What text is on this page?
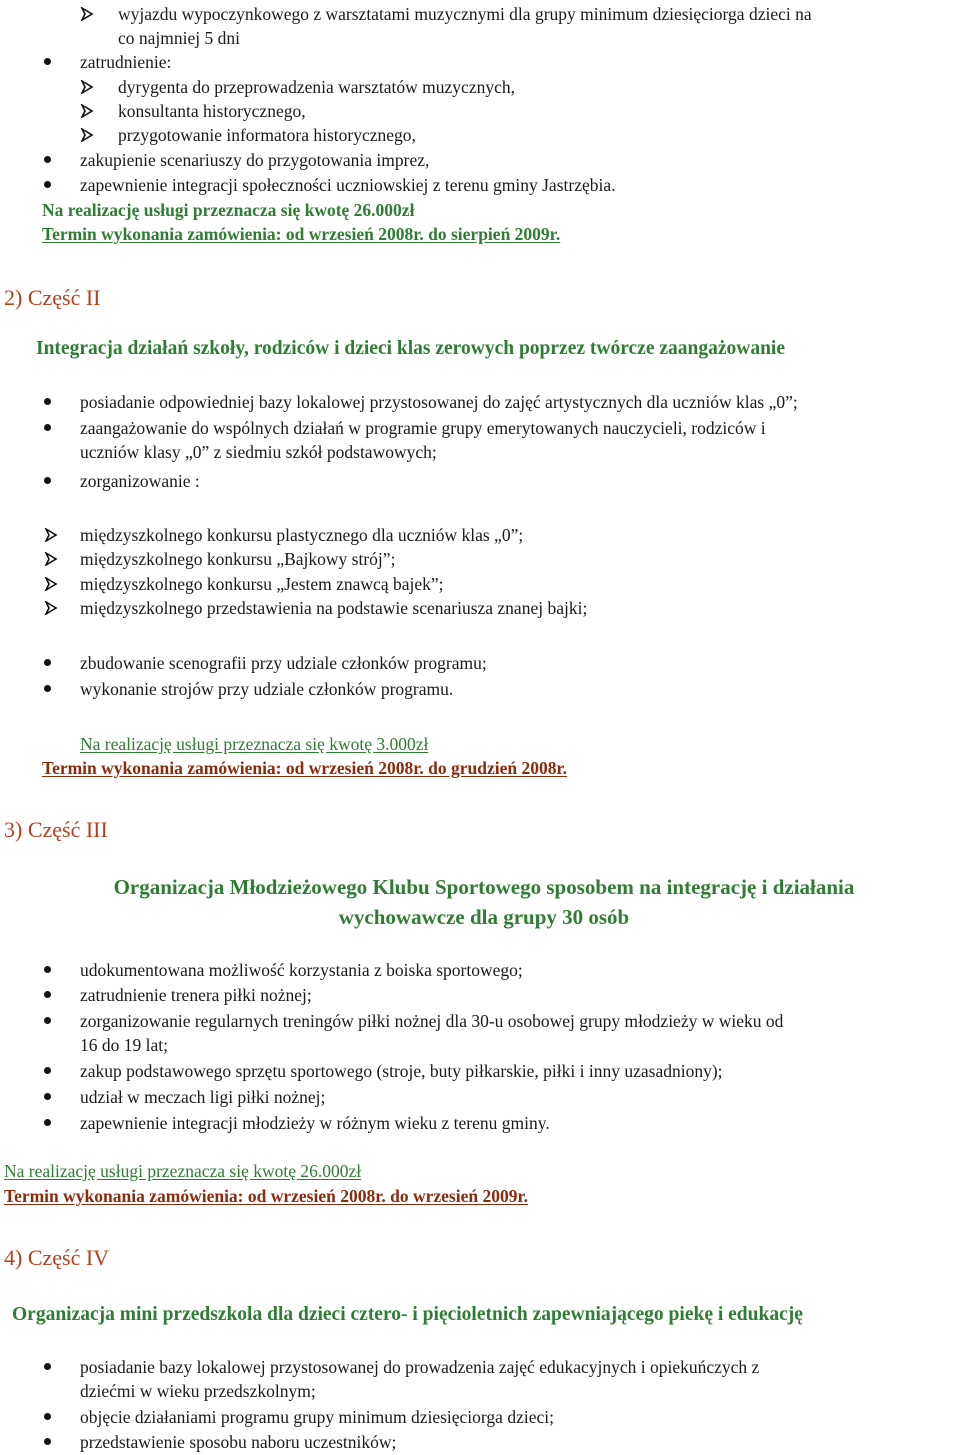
wyjazdu wypoczynkowego z warsztatami muzycznymi dla grupy minimum dziesięciorga dzieci na
co najmniej 5 dni
zatrudnienie:
dyrygenta do przeprowadzenia warsztatów muzycznych,
konsultanta historycznego,
przygotowanie informatora historycznego,
zakupienie scenariuszy do przygotowania imprez,
zapewnienie integracji społeczności uczniowskiej z terenu gminy Jastrzębia.
Na realizację usługi przeznacza się kwotę 26.000zł
Termin wykonania zamówienia: od wrzesień 2008r. do sierpień 2009r.
2) Część II
Integracja działań szkoły, rodziców i dzieci klas zerowych poprzez twórcze zaangażowanie
posiadanie odpowiedniej bazy lokalowej przystosowanej do zajęć artystycznych dla uczniów klas „0”;
zaangażowanie do wspólnych działań w programie grupy emerytowanych nauczycieli, rodziców i
uczniów klasy „0” z siedmiu szkół podstawowych;
zorganizowanie :
międzyszkolnego konkursu plastycznego dla uczniów klas „0”;
międzyszkolnego konkursu „Bajkowy strój”;
międzyszkolnego konkursu „Jestem znawcą bajek”;
międzyszkolnego przedstawienia na podstawie scenariusza znanej bajki;
zbudowanie scenografii przy udziale członków programu;
wykonanie strojów przy udziale członków programu.
Na realizację usługi przeznacza się kwotę 3.000zł
Termin wykonania zamówienia: od wrzesień 2008r. do grudzień 2008r.
3) Część III
Organizacja Młodzieżowego Klubu Sportowego sposobem na integrację i działania
wychowawcze dla grupy 30 osób
udokumentowana możliwość korzystania z boiska sportowego;
zatrudnienie trenera piłki nożnej;
zorganizowanie regularnych treningów piłki nożnej dla 30-u osobowej grupy młodzieży w wieku od
16 do 19 lat;
zakup podstawowego sprzętu sportowego (stroje, buty piłkarskie, piłki i inny uzasadniony);
udział w meczach ligi piłki nożnej;
zapewnienie integracji młodzieży w różnym wieku z terenu gminy.
Na realizację usługi przeznacza się kwotę 26.000zł
Termin wykonania zamówienia: od wrzesień 2008r. do wrzesień 2009r.
4) Część IV
Organizacja mini przedszkola dla dzieci cztero- i pięcioletnich zapewniającego piekę i edukację
posiadanie bazy lokalowej przystosowanej do prowadzenia zajęć edukacyjnych i opiekuńczych z
dziećmi w wieku przedszkolnym;
objęcie działaniami programu grupy minimum dziesięciorga dzieci;
przedstawienie sposobu naboru uczestników;
